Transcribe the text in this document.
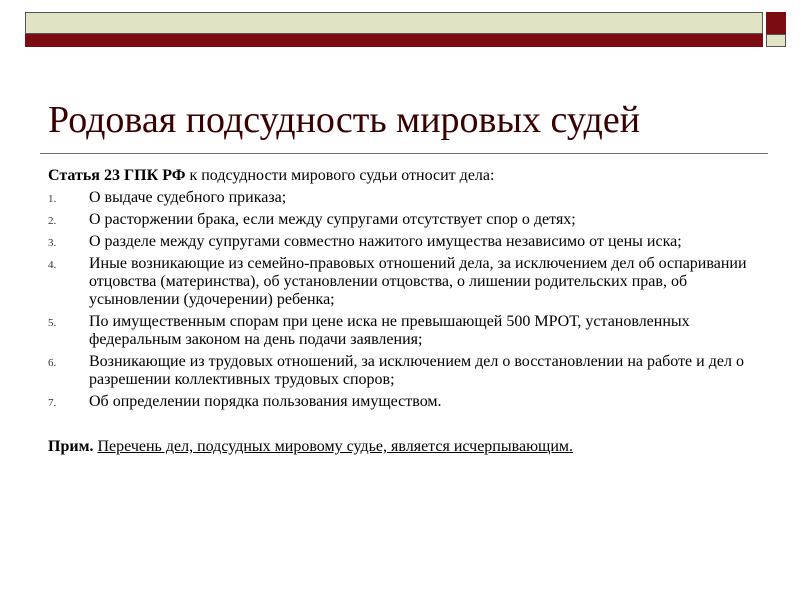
Родовая подсудность мировых судей

Статья 23 ГПК РФ к подсудности мирового судьи относит дела:

1. О выдаче судебного приказа;
2. О расторжении брака, если между супругами отсутствует спор о детях;
3. О разделе между супругами совместно нажитого имущества независимо от цены иска;
4. Иные возникающие из семейно-правовых отношений дела, за исключением дел об оспаривании отцовства (материнства), об установлении отцовства, о лишении родительских прав, об усыновлении (удочерении) ребенка;
5. По имущественным спорам при цене иска не превышающей 500 МРОТ, установленных федеральным законом на день подачи заявления;
6. Возникающие из трудовых отношений, за исключением дел о восстановлении на работе и дел о разрешении коллективных трудовых споров;
7. Об определении порядка пользования имуществом.

Прим. Перечень дел, подсудных мировому судье, является исчерпывающим.
